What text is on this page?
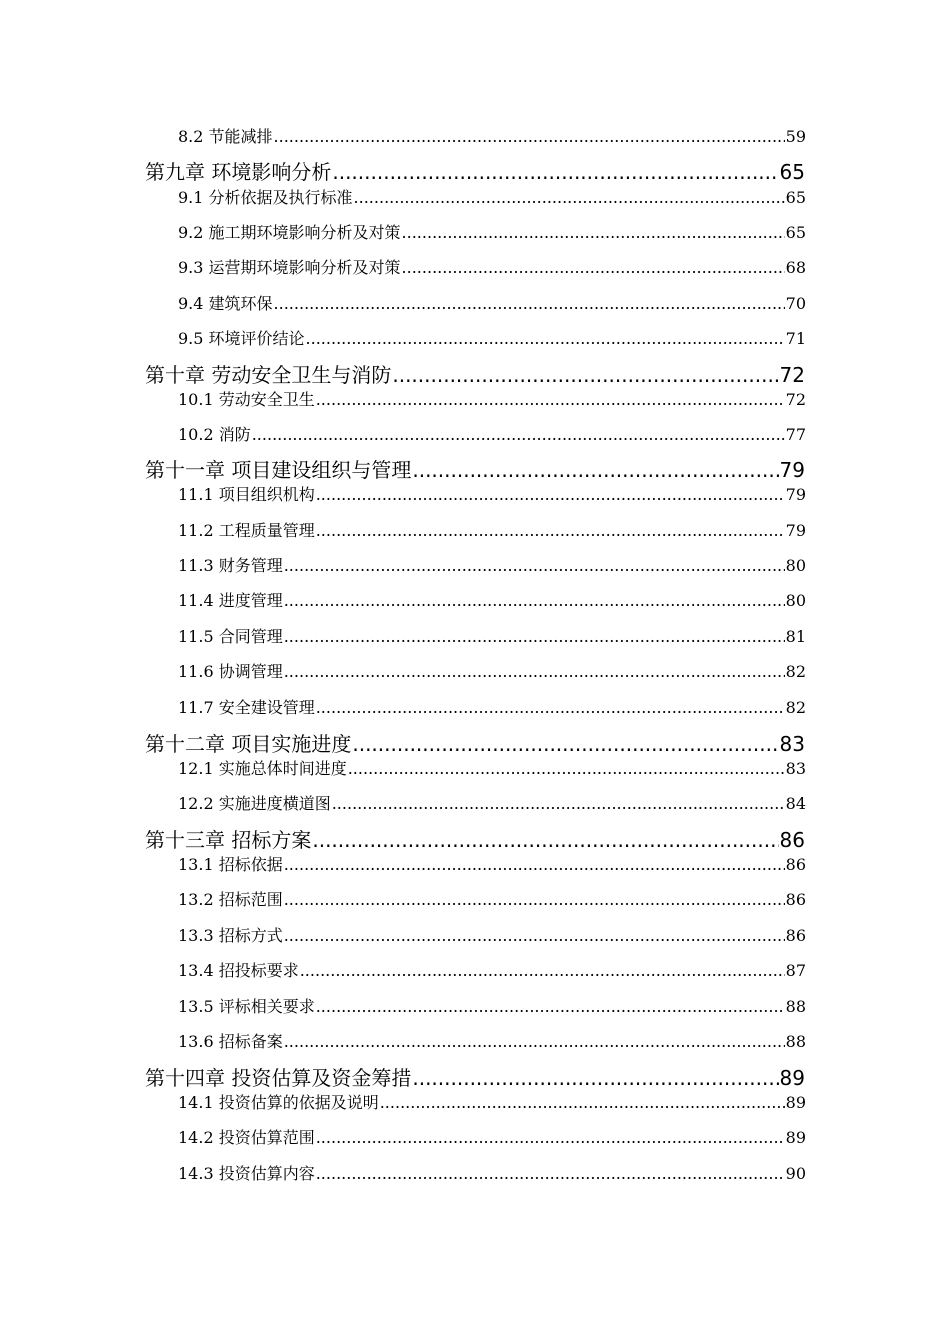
8.2 节能减排 .....	59
第九章 环境影响分析 .....	65
9.1 分析依据及执行标准 .....	65
9.2 施工期环境影响分析及对策 .....	65
9.3 运营期环境影响分析及对策 .....	68
9.4 建筑环保 .....	70
9.5 环境评价结论 .....	71
第十章 劳动安全卫生与消防 .....	72
10.1 劳动安全卫生 .....	72
10.2 消防 .....	77
第十一章 项目建设组织与管理 .....	79
11.1 项目组织机构 .....	79
11.2 工程质量管理 .....	79
11.3 财务管理 .....	80
11.4 进度管理 .....	80
11.5 合同管理 .....	81
11.6 协调管理 .....	82
11.7 安全建设管理 .....	82
第十二章 项目实施进度 .....	83
12.1 实施总体时间进度 .....	83
12.2 实施进度横道图 .....	84
第十三章 招标方案 .....	86
13.1 招标依据 .....	86
13.2 招标范围 .....	86
13.3 招标方式 .....	86
13.4 招投标要求 .....	87
13.5 评标相关要求 .....	88
13.6 招标备案 .....	88
第十四章 投资估算及资金筹措 .....	89
14.1 投资估算的依据及说明 .....	89
14.2 投资估算范围 .....	89
14.3 投资估算内容 .....	90
